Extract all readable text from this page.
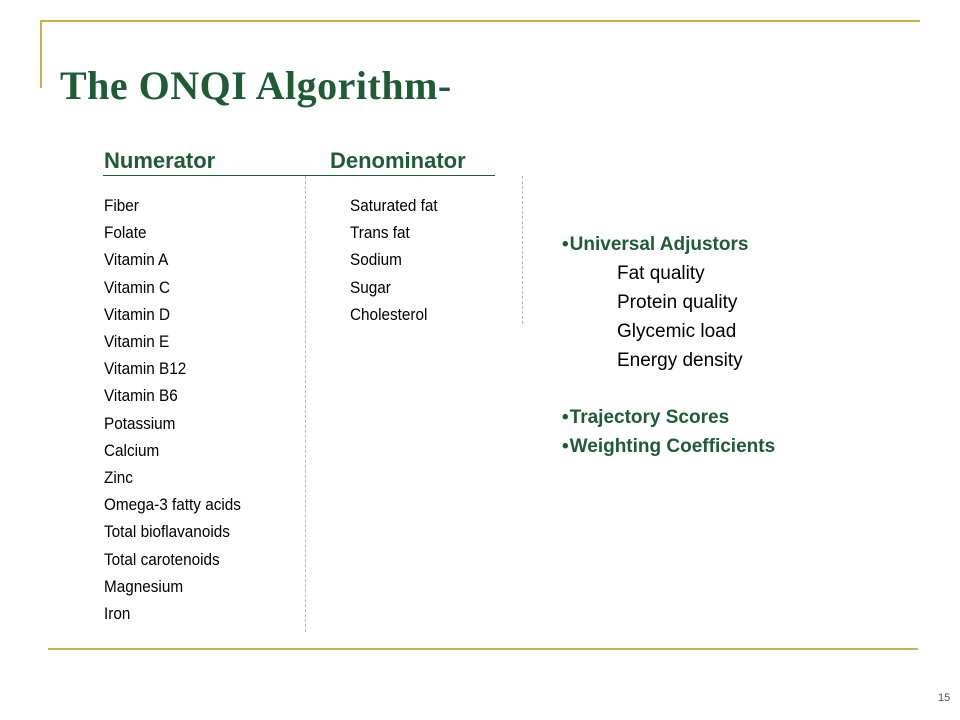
The ONQI Algorithm-
Numerator	Denominator
Fiber
Folate
Vitamin A
Vitamin C
Vitamin D
Vitamin E
Vitamin B12
Vitamin B6
Potassium
Calcium
Zinc
Omega-3 fatty acids
Total bioflavanoids
Total carotenoids
Magnesium
Iron
Saturated fat
Trans fat
Sodium
Sugar
Cholesterol
• Universal Adjustors
Fat quality
Protein quality
Glycemic load
Energy density
• Trajectory Scores
• Weighting Coefficients
15
